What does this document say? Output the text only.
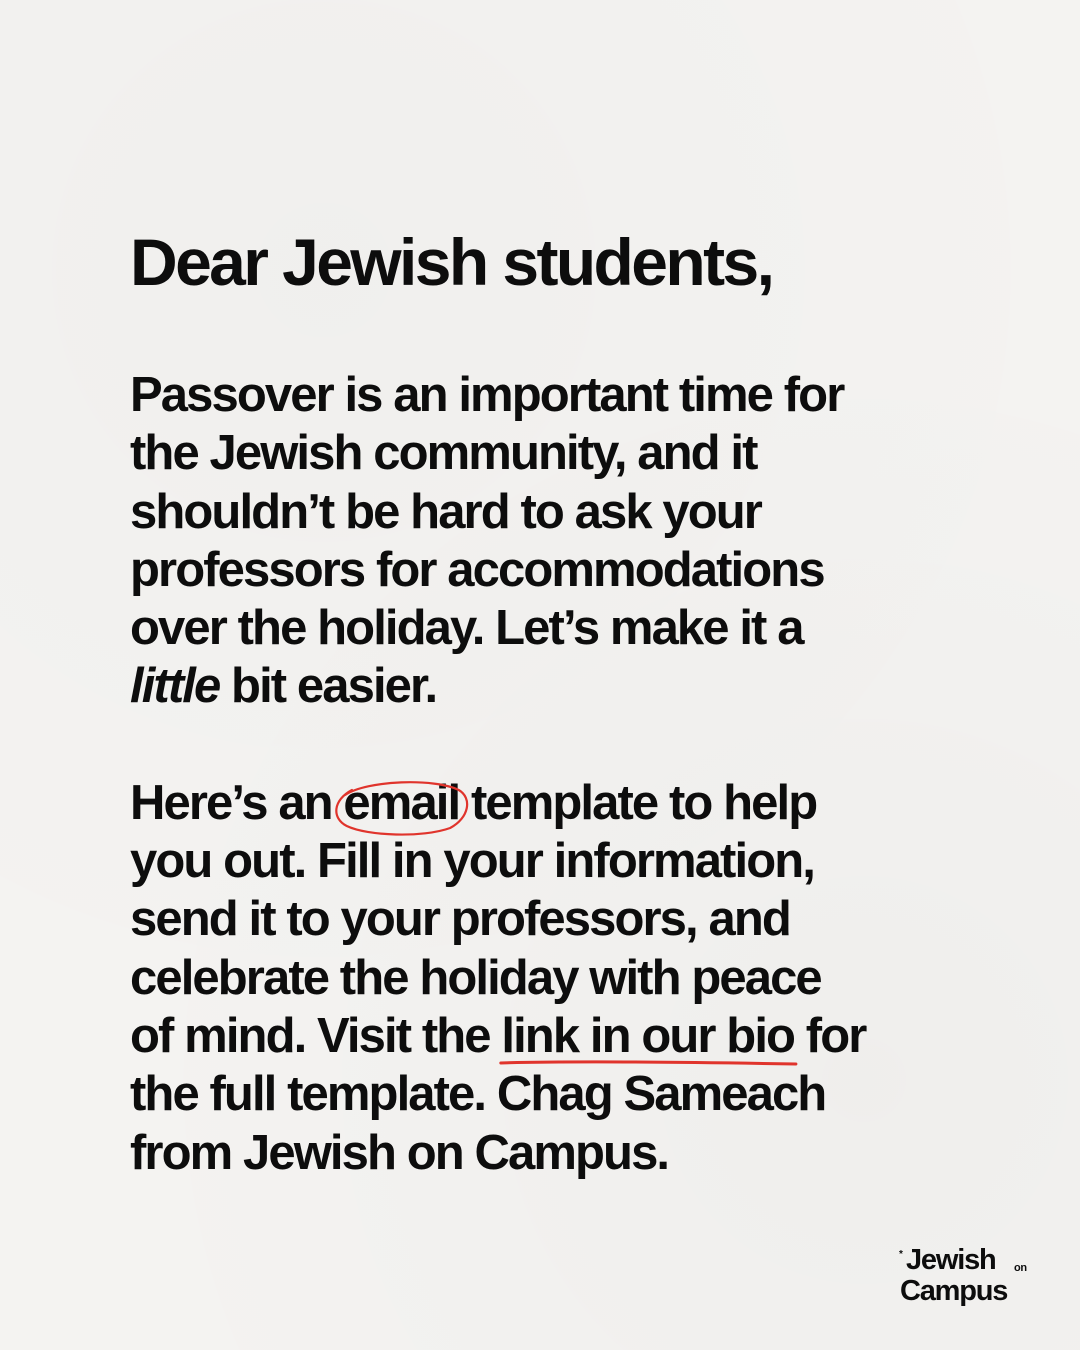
Dear Jewish students,

Passover is an important time for
the Jewish community, and it
shouldn’t be hard to ask your
professors for accommodations
over the holiday. Let’s make it a
little bit easier.

Here’s an email
template to help
you out. Fill in your information,
send it to your professors, and
celebrate the holiday with peace
of mind. Visit the link in our bio
for
the full template. Chag Sameach
from Jewish on Campus.

* Jewish on
Campus
